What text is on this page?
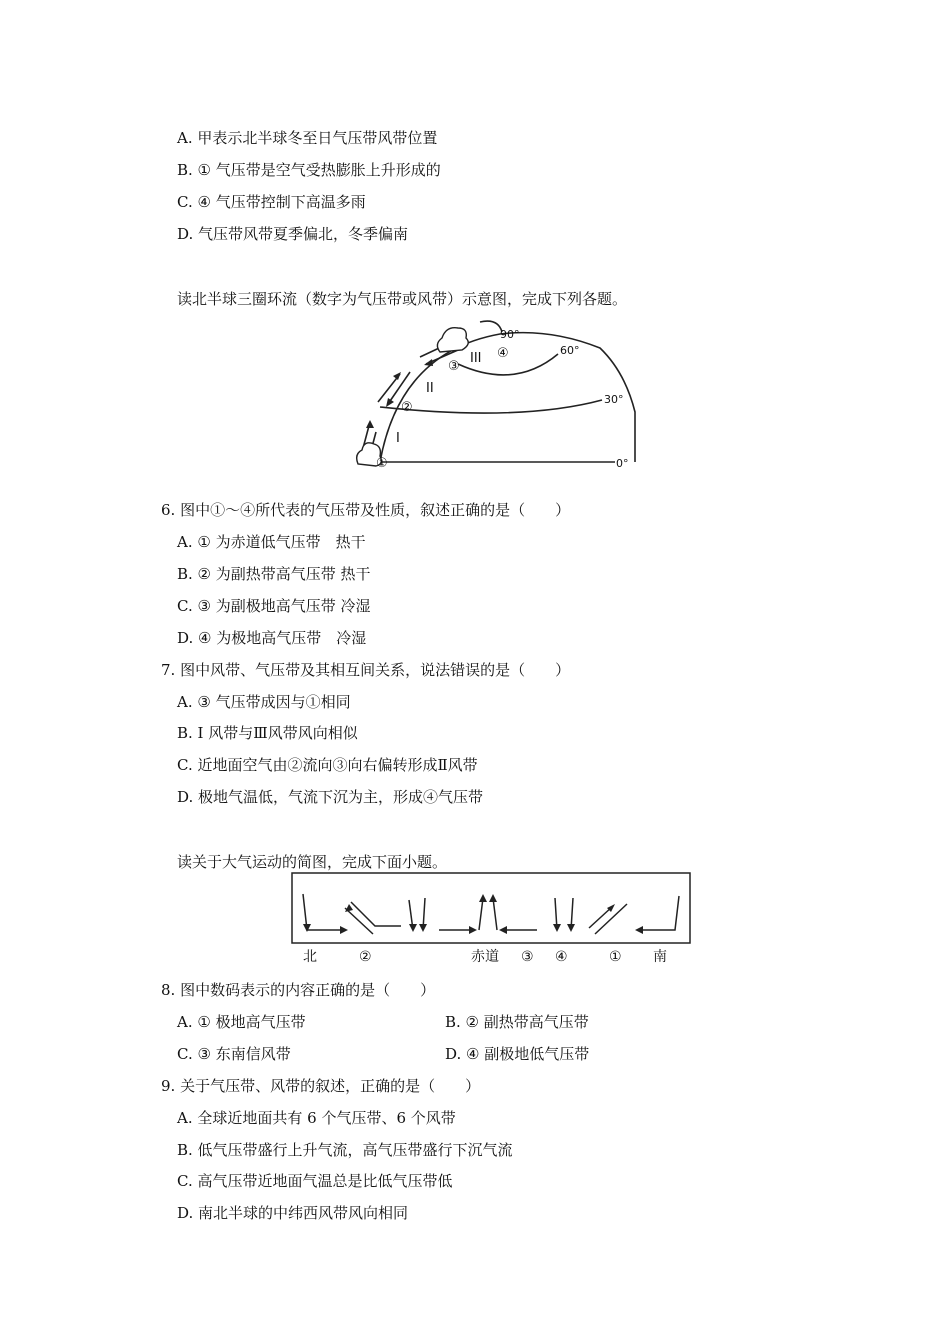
A. 甲表示北半球冬至日气压带风带位置
B. ① 气压带是空气受热膨胀上升形成的
C. ④ 气压带控制下高温多雨
D. 气压带风带夏季偏北，冬季偏南
读北半球三圈环流（数字为气压带或风带）示意图，完成下列各题。
①
②
③
④
I
II
III
90°
60°
30°
0°
6. 图中①～④所代表的气压带及性质，叙述正确的是（　　）
A. ① 为赤道低气压带　热干
B. ② 为副热带高气压带 热干
C. ③ 为副极地高气压带 冷湿
D. ④ 为极地高气压带　冷湿
7. 图中风带、气压带及其相互间关系，说法错误的是（　　）
A. ③ 气压带成因与①相同
B. I 风带与Ⅲ风带风向相似
C. 近地面空气由②流向③向右偏转形成Ⅱ风带
D. 极地气温低，气流下沉为主，形成④气压带
读关于大气运动的简图，完成下面小题。
北	②	赤道 ③ ④	① 南
8. 图中数码表示的内容正确的是（　　）
A. ① 极地高气压带	B. ② 副热带高气压带
C. ③ 东南信风带	D. ④ 副极地低气压带
9. 关于气压带、风带的叙述，正确的是（　　）
A. 全球近地面共有 6 个气压带、6 个风带
B. 低气压带盛行上升气流，高气压带盛行下沉气流
C. 高气压带近地面气温总是比低气压带低
D. 南北半球的中纬西风带风向相同
